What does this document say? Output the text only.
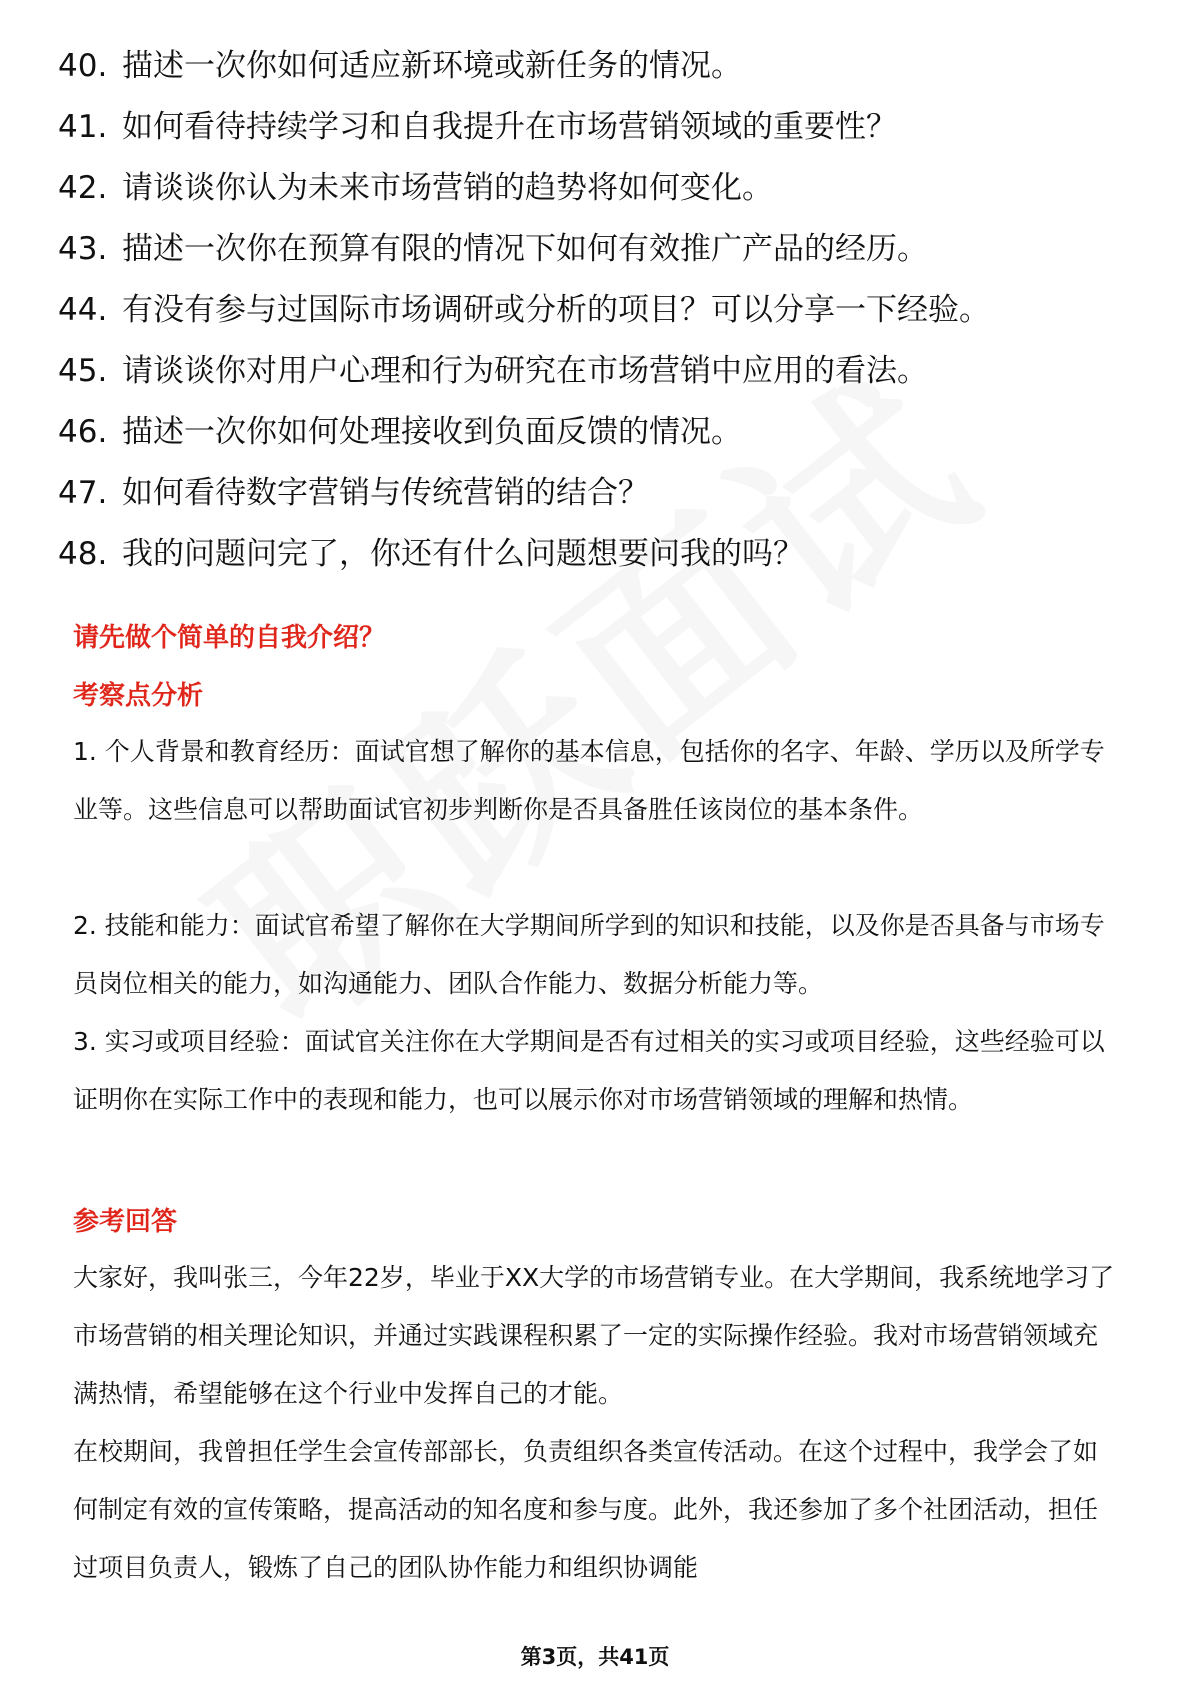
40. 描述一次你如何适应新环境或新任务的情况。
41. 如何看待持续学习和自我提升在市场营销领域的重要性？
42. 请谈谈你认为未来市场营销的趋势将如何变化。
43. 描述一次你在预算有限的情况下如何有效推广产品的经历。
44. 有没有参与过国际市场调研或分析的项目？可以分享一下经验。
45. 请谈谈你对用户心理和行为研究在市场营销中应用的看法。
46. 描述一次你如何处理接收到负面反馈的情况。
47. 如何看待数字营销与传统营销的结合？
48. 我的问题问完了，你还有什么问题想要问我的吗？
请先做个简单的自我介绍？
考察点分析
1. 个人背景和教育经历：面试官想了解你的基本信息，包括你的名字、年龄、学历以及所学专业等。这些信息可以帮助面试官初步判断你是否具备胜任该岗位的基本条件。
2. 技能和能力：面试官希望了解你在大学期间所学到的知识和技能，以及你是否具备与市场专员岗位相关的能力，如沟通能力、团队合作能力、数据分析能力等。
3. 实习或项目经验：面试官关注你在大学期间是否有过相关的实习或项目经验，这些经验可以证明你在实际工作中的表现和能力，也可以展示你对市场营销领域的理解和热情。
参考回答
大家好，我叫张三，今年22岁，毕业于XX大学的市场营销专业。在大学期间，我系统地学习了市场营销的相关理论知识，并通过实践课程积累了一定的实际操作经验。我对市场营销领域充满热情，希望能够在这个行业中发挥自己的才能。
在校期间，我曾担任学生会宣传部部长，负责组织各类宣传活动。在这个过程中，我学会了如何制定有效的宣传策略，提高活动的知名度和参与度。此外，我还参加了多个社团活动，担任过项目负责人，锻炼了自己的团队协作能力和组织协调能
第3页，共41页
